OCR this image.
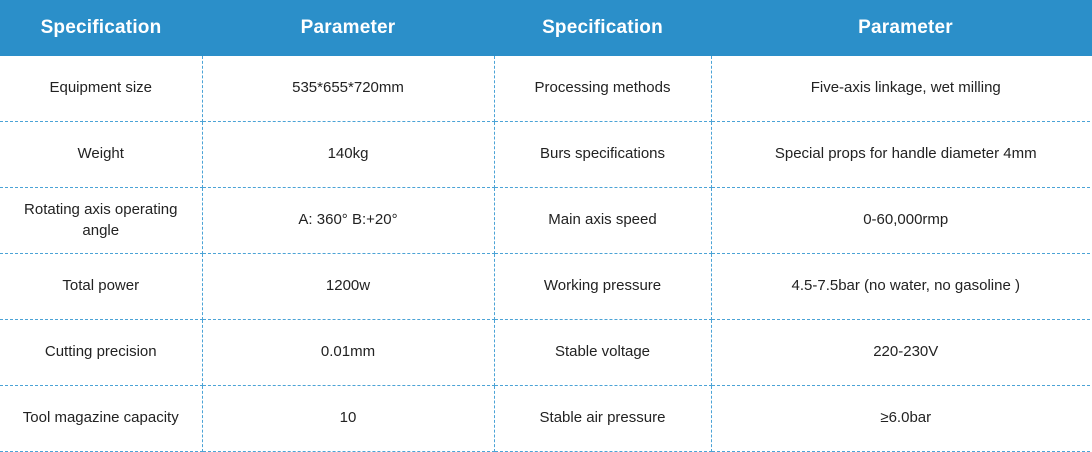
Specification	Parameter	Specification	Parameter
Equipment size	535*655*720mm	Processing methods	Five-axis linkage, wet milling
Weight	140kg	Burs specifications	Special props for handle diameter 4mm
Rotating axis operating angle	A: 360° B:+20°	Main axis speed	0-60,000rmp
Total power	1200w	Working pressure	4.5-7.5bar (no water, no gasoline )
Cutting precision	0.01mm	Stable voltage	220-230V
Tool magazine capacity	10	Stable air pressure	≥6.0bar
